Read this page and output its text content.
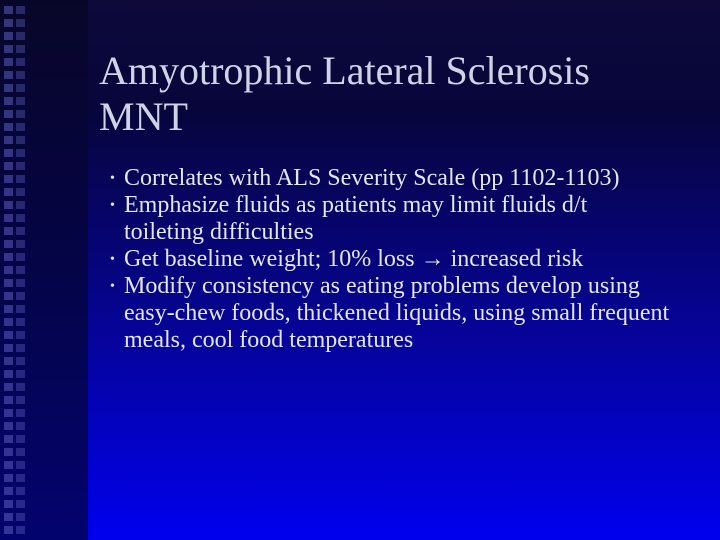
Amyotrophic Lateral Sclerosis
MNT
• Correlates with ALS Severity Scale (pp 1102-1103)
• Emphasize fluids as patients may limit fluids d/t toileting difficulties
• Get baseline weight; 10% loss → increased risk
• Modify consistency as eating problems develop using easy-chew foods, thickened liquids, using small frequent meals, cool food temperatures
